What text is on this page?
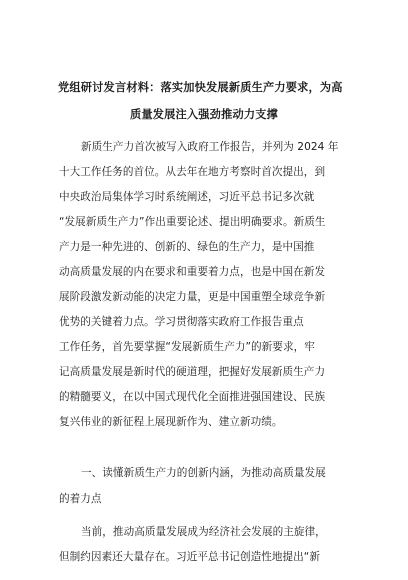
党组研讨发言材料：落实加快发展新质生产力要求，为高
质量发展注入强劲推动力支撑
新质生产力首次被写入政府工作报告，并列为 2024 年
十大工作任务的首位。从去年在地方考察时首次提出，到
中央政治局集体学习时系统阐述，习近平总书记多次就
“发展新质生产力”作出重要论述、提出明确要求。新质生
产力是一种先进的、创新的、绿色的生产力，是中国推
动高质量发展的内在要求和重要着力点，也是中国在新发
展阶段激发新动能的决定力量，更是中国重塑全球竞争新
优势的关键着力点。学习贯彻落实政府工作报告重点
工作任务，首先要掌握“发展新质生产力”的新要求，牢
记高质量发展是新时代的硬道理，把握好发展新质生产力
的精髓要义，在以中国式现代化全面推进强国建设、民族
复兴伟业的新征程上展现新作为、建立新功绩。
一、读懂新质生产力的创新内涵，为推动高质量发展
的着力点
当前，推动高质量发展成为经济社会发展的主旋律，
但制约因素还大量存在。习近平总书记创造性地提出“新
